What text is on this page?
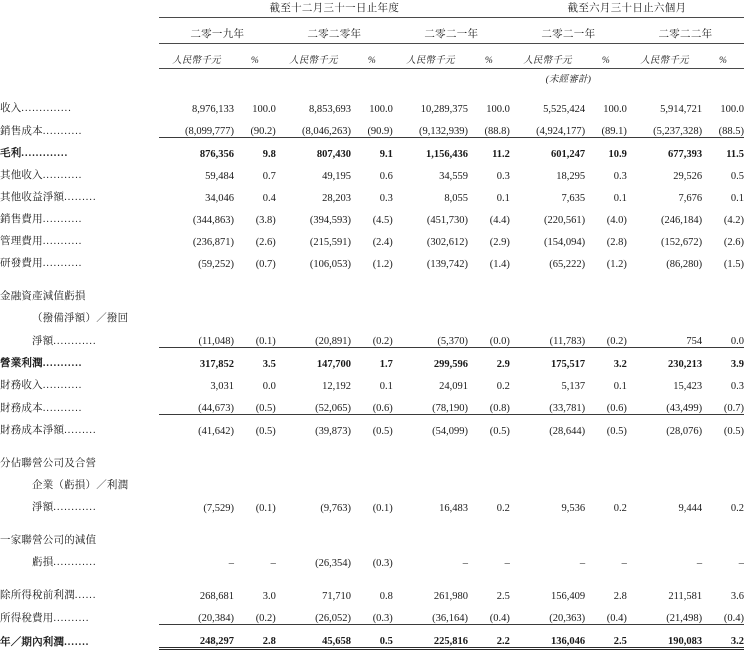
	截至十二月三十一日止年度						截至六月三十日止六個月			

	二零一九年		二零二零年		二零二一年		二零二一年		二零二二年	

	人民幣千元	%	人民幣千元	%	人民幣千元	%	人民幣千元	%	人民幣千元	%

							(未經審計)			

收入..............	8,976,133	100.0	8,853,693	100.0	10,289,375	100.0	5,525,424	100.0	5,914,721	100.0
銷售成本...........	(8,099,777)	(90.2)	(8,046,263)	(90.9)	(9,132,939)	(88.8)	(4,924,177)	(89.1)	(5,237,328)	(88.5)
毛利.............	876,356	9.8	807,430	9.1	1,156,436	11.2	601,247	10.9	677,393	11.5
其他收入...........	59,484	0.7	49,195	0.6	34,559	0.3	18,295	0.3	29,526	0.5
其他收益淨額.........	34,046	0.4	28,203	0.3	8,055	0.1	7,635	0.1	7,676	0.1
銷售費用...........	(344,863)	(3.8)	(394,593)	(4.5)	(451,730)	(4.4)	(220,561)	(4.0)	(246,184)	(4.2)
管理費用...........	(236,871)	(2.6)	(215,591)	(2.4)	(302,612)	(2.9)	(154,094)	(2.8)	(152,672)	(2.6)
研發費用...........	(59,252)	(0.7)	(106,053)	(1.2)	(139,742)	(1.4)	(65,222)	(1.2)	(86,280)	(1.5)

金融資產減值虧損										
（撥備淨額）／撥回										
淨額............	(11,048)	(0.1)	(20,891)	(0.2)	(5,370)	(0.0)	(11,783)	(0.2)	754	0.0
營業利潤...........	317,852	3.5	147,700	1.7	299,596	2.9	175,517	3.2	230,213	3.9
財務收入...........	3,031	0.0	12,192	0.1	24,091	0.2	5,137	0.1	15,423	0.3
財務成本...........	(44,673)	(0.5)	(52,065)	(0.6)	(78,190)	(0.8)	(33,781)	(0.6)	(43,499)	(0.7)
財務成本淨額.........	(41,642)	(0.5)	(39,873)	(0.5)	(54,099)	(0.5)	(28,644)	(0.5)	(28,076)	(0.5)

分佔聯營公司及合營										
企業（虧損）／利潤										
淨額............	(7,529)	(0.1)	(9,763)	(0.1)	16,483	0.2	9,536	0.2	9,444	0.2

一家聯營公司的減值										
虧損............	–	–	(26,354)	(0.3)	–	–	–	–	–	–

除所得稅前利潤......	268,681	3.0	71,710	0.8	261,980	2.5	156,409	2.8	211,581	3.6
所得稅費用..........	(20,384)	(0.2)	(26,052)	(0.3)	(36,164)	(0.4)	(20,363)	(0.4)	(21,498)	(0.4)
年／期內利潤.......	248,297	2.8	45,658	0.5	225,816	2.2	136,046	2.5	190,083	3.2
